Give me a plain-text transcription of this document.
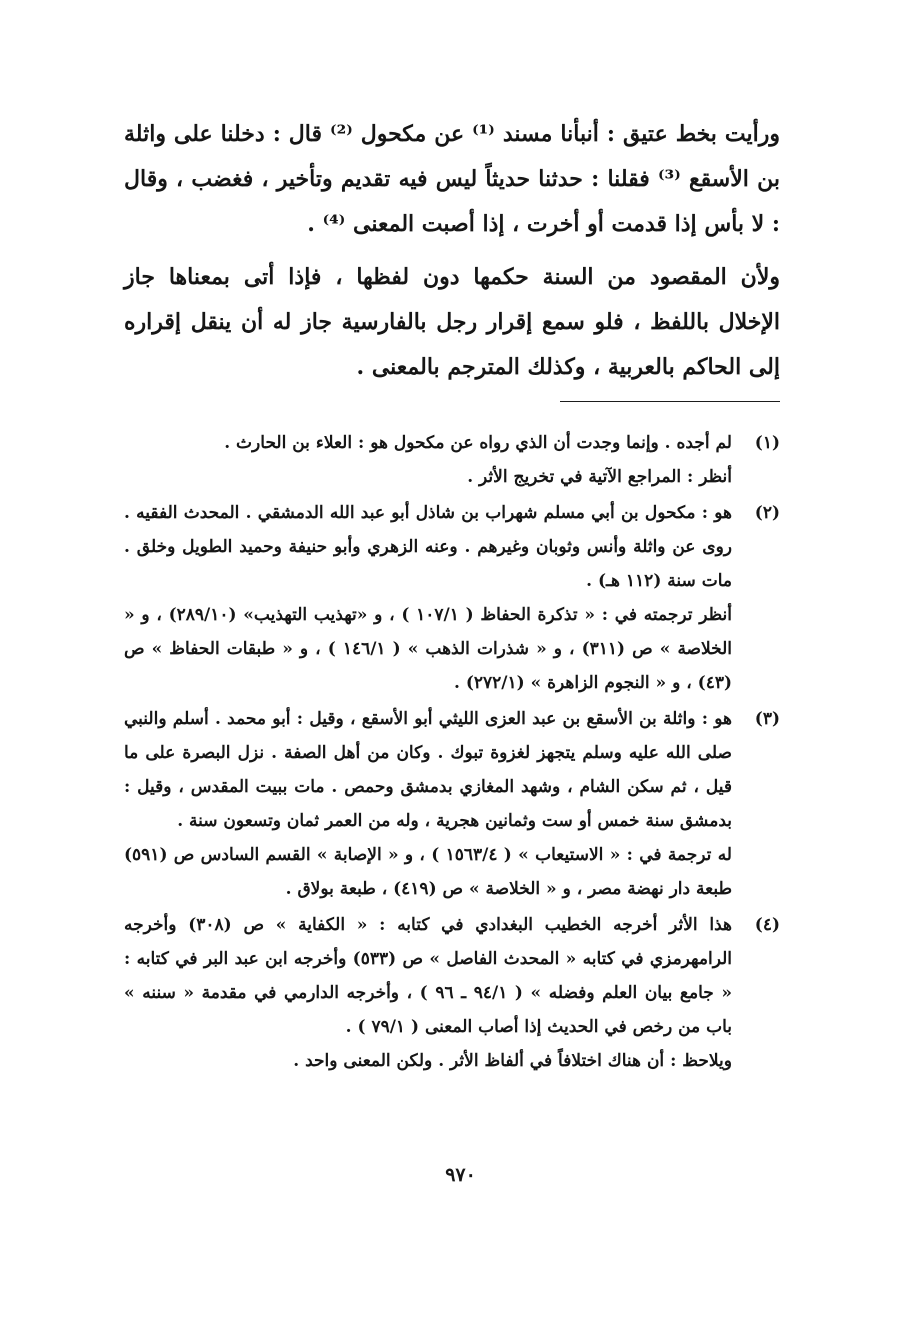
ورأيت بخط عتيق : أنبأنا مسند ⁽¹⁾ عن مكحول ⁽²⁾ قال : دخلنا على واثلة بن الأسقع ⁽³⁾ فقلنا : حدثنا حديثاً ليس فيه تقديم وتأخير ، فغضب ، وقال : لا بأس إذا قدمت أو أخرت ، إذا أصبت المعنى ⁽⁴⁾ .

ولأن المقصود من السنة حكمها دون لفظها ، فإذا أتى بمعناها جاز الإخلال باللفظ ، فلو سمع إقرار رجل بالفارسية جاز له أن ينقل إقراره إلى الحاكم بالعربية ، وكذلك المترجم بالمعنى .

(١)

لم أجده . وإنما وجدت أن الذي رواه عن مكحول هو : العلاء بن الحارث .

أنظر : المراجع الآتية في تخريج الأثر .

(٢)

هو : مكحول بن أبي مسلم شهراب بن شاذل أبو عبد الله الدمشقي . المحدث الفقيه . روى عن واثلة وأنس وثوبان وغيرهم . وعنه الزهري وأبو حنيفة وحميد الطويل وخلق . مات سنة (١١٢ هـ) .

أنظر ترجمته في : « تذكرة الحفاظ ( ١٠٧/١ ) ، و «تهذيب التهذيب» (٢٨٩/١٠) ، و « الخلاصة » ص (٣١١) ، و « شذرات الذهب » ( ١٤٦/١ ) ، و « طبقات الحفاظ » ص (٤٣) ، و « النجوم الزاهرة » (٢٧٢/١) .

(٣)

هو : واثلة بن الأسقع بن عبد العزى الليثي أبو الأسقع ، وقيل : أبو محمد . أسلم والنبي صلى الله عليه وسلم يتجهز لغزوة تبوك . وكان من أهل الصفة . نزل البصرة على ما قيل ، ثم سكن الشام ، وشهد المغازي بدمشق وحمص . مات ببيت المقدس ، وقيل : بدمشق سنة خمس أو ست وثمانين هجرية ، وله من العمر ثمان وتسعون سنة .

له ترجمة في : « الاستيعاب » ( ١٥٦٣/٤ ) ، و « الإصابة » القسم السادس ص (٥٩١) طبعة دار نهضة مصر ، و « الخلاصة » ص (٤١٩) ، طبعة بولاق .

(٤)

هذا الأثر أخرجه الخطيب البغدادي في كتابه : « الكفاية » ص (٣٠٨) وأخرجه الرامهرمزي في كتابه « المحدث الفاصل » ص (٥٣٣) وأخرجه ابن عبد البر في كتابه : « جامع بيان العلم وفضله » ( ٩٤/١ ـ ٩٦ ) ، وأخرجه الدارمي في مقدمة « سننه » باب من رخص في الحديث إذا أصاب المعنى ( ٧٩/١ ) .

ويلاحظ : أن هناك اختلافاً في ألفاظ الأثر . ولكن المعنى واحد .

٩٧٠
